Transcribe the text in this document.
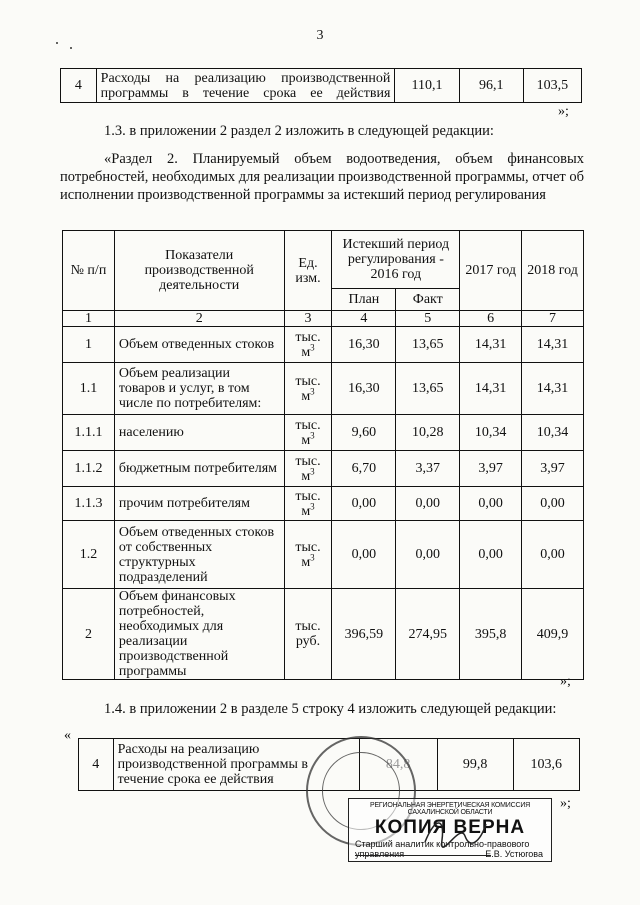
3
4	Расходы на реализацию производственной программы в течение срока ее действия	110,1	96,1	103,5
»;
1.3. в приложении 2 раздел 2 изложить в следующей редакции:
«Раздел 2. Планируемый объем водоотведения, объем финансовых потребностей, необходимых для реализации производственной программы, отчет об исполнении производственной программы за истекший период регулирования
№ п/п	Показатели производственной деятельности	Ед. изм.	Истекший период регулирования - 2016 год		2017 год	2018 год
			План	Факт		
1	2	3	4	5	6	7
1	Объем отведенных стоков	тыс. $м^3$	16,30	13,65	14,31	14,31
1.1	Объем реализации товаров и услуг, в том числе по потребителям:	тыс. $м^3$	16,30	13,65	14,31	14,31
1.1.1	населению	тыс. $м^3$	9,60	10,28	10,34	10,34
1.1.2	бюджетным потребителям	тыс. $м^3$	6,70	3,37	3,97	3,97
1.1.3	прочим потребителям	тыс. $м^3$	0,00	0,00	0,00	0,00
1.2	Объем отведенных стоков от собственных структурных подразделений	тыс. $м^3$	0,00	0,00	0,00	0,00
2	Объем финансовых потребностей, необходимых для реализации производственной программы	тыс. руб.	396,59	274,95	395,8	409,9
»;
1.4. в приложении 2 в разделе 5 строку 4 изложить следующей редакции:
«
4	Расходы на реализацию производственной программы в течение срока ее действия	84,8	99,8	103,6
»;
РЕГИОНАЛЬНАЯ ЭНЕРГЕТИЧЕСКАЯ КОМИССИЯ САХАЛИНСКОЙ ОБЛАСТИ
КОПИЯ ВЕРНА
Старший аналитик контрольно-правового управления	Е.В. Устюгова
